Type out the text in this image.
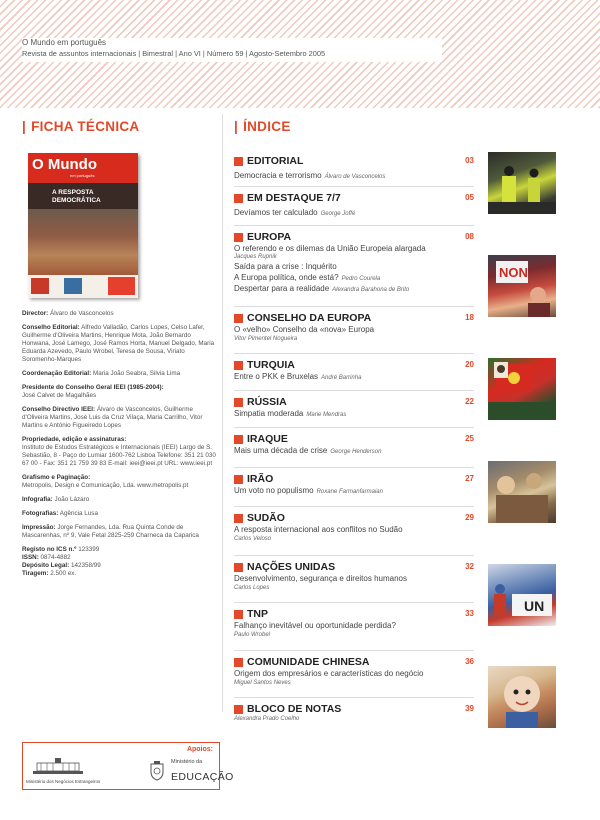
O Mundo em português
Revista de assuntos internacionais | Bimestral | Ano VI | Número 59 | Agosto-Setembro 2005
| FICHA TÉCNICA
O Mundo
em português
A RESPOSTA
DEMOCRÁTICA

Director: Álvaro de Vasconcelos

Conselho Editorial: Alfredo Valladão, Carlos Lopes, Celso Lafer, Guilherme d'Oliveira Martins, Henrique Mota, João Bernardo Honwana, José Lamego, José Ramos Horta, Manuel Delgado, Maria Eduarda Azevedo, Paulo Wrobel, Teresa de Sousa, Viriato Soromenho-Marques

Coordenação Editorial: Maria João Seabra, Silvia Lima

Presidente do Conselho Geral IEEI (1985-2004):
José Calvet de Magalhães

Conselho Directivo IEEI: Álvaro de Vasconcelos, Guilherme d'Oliveira Martins, José Luis da Cruz Vilaça, Maria Carrilho, Vitor Martins e António Figueiredo Lopes

Propriedade, edição e assinaturas:
Instituto de Estudos Estratégicos e Internacionais (IEEI) Largo de S. Sebastião, 8 - Paço do Lumiar 1600-762 Lisboa Telefone: 351 21 030 67 00 - Fax: 351 21 759 39 83 E-mail: ieei@ieei.pt URL: www.ieei.pt

Grafismo e Paginação:
Metropolis, Design e Comunicação, Lda. www.metropolis.pt

Infografia: João Lázaro

Fotografias: Agência Lusa

Impressão: Jorge Fernandes, Lda. Rua Quinta Conde de Mascarenhas, nº 9, Vale Fetal 2825-259 Charneca da Caparica

Registo no ICS n.º 123399

ISSN: 0874-4882

Depósito Legal: 142358/99

Tiragem: 2.500 ex.

Apoios:
Ministério dos Negócios Estrangeiros
Ministério da
EDUCAÇÃO
| ÍNDICE
EDITORIAL	03
Democracia e terrorismo Álvaro de Vasconcelos
EM DESTAQUE 7/7	05
Devíamos ter calculado George Joffé
EUROPA	08
O referendo e os dilemas da União Europeia alargada
Jacques Rupnik
Saída para a crise : Inquérito
A Europa política, onde está? Pedro Courela
Despertar para a realidade Alexandra Barahona de Brito
CONSELHO DA EUROPA	18
O «velho» Conselho da «nova» Europa
Vitor Pimentel Nogueira
TURQUIA	20
Entre o PKK e Bruxelas André Barrinha
RÚSSIA	22
Simpatia moderada Marie Mendras
IRAQUE	25
Mais uma década de crise George Henderson
IRÃO	27
Um voto no populismo Roxane Farmanfarmaian
SUDÃO	29
A resposta internacional aos conflitos no Sudão
Carlos Veloso
NAÇÕES UNIDAS	32
Desenvolvimento, segurança e direitos humanos
Carlos Lopes
TNP	33
Falhanço inevitável ou oportunidade perdida?
Paulo Wrobel
COMUNIDADE CHINESA	36
Origem dos empresários e características do negócio
Miguel Santos Neves
BLOCO DE NOTAS	39
Alexandra Prado Coelho
NON
UN
